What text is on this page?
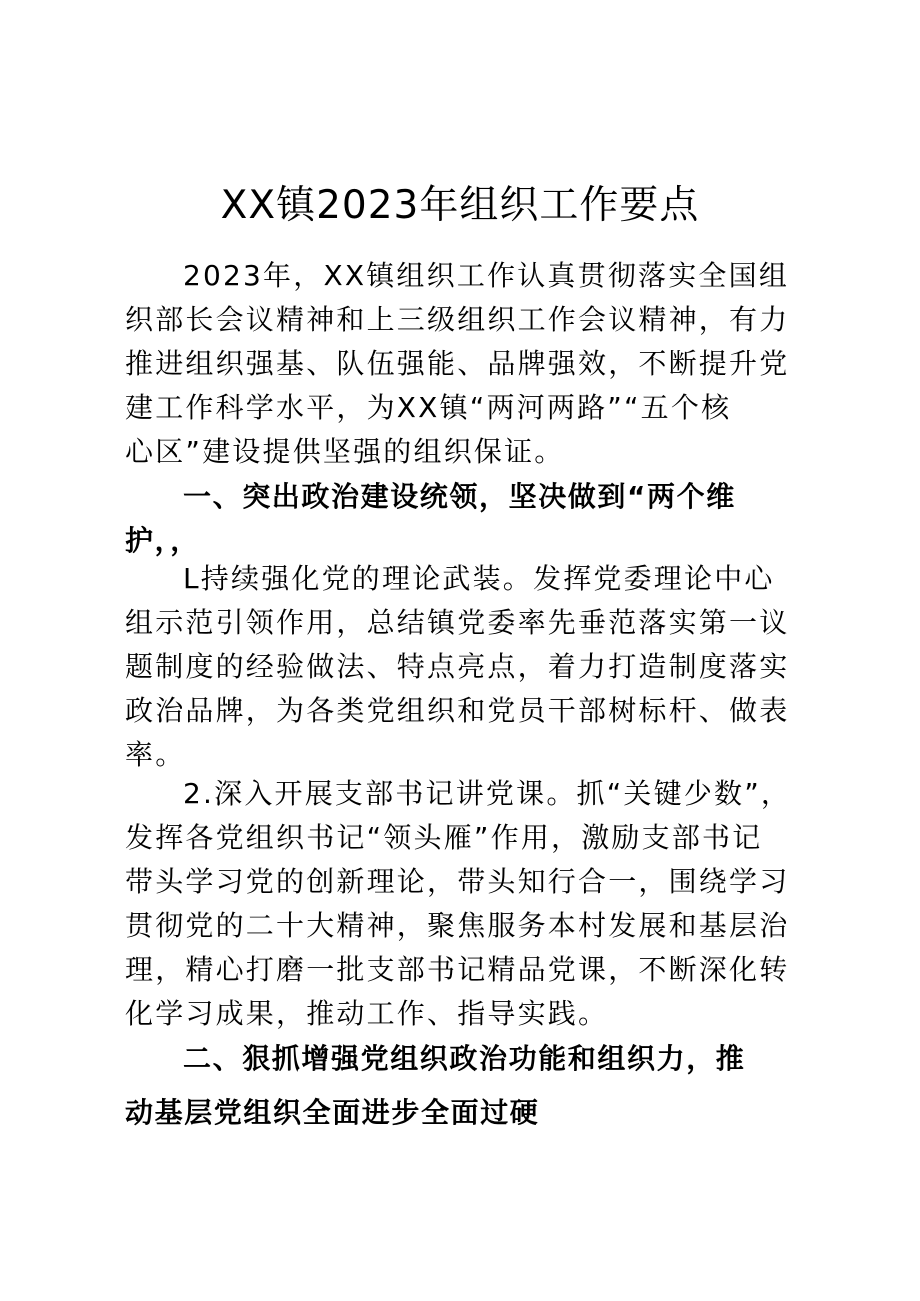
XX镇2023年组织工作要点
2023年，XX镇组织工作认真贯彻落实全国组
织部长会议精神和上三级组织工作会议精神，有力
推进组织强基、队伍强能、品牌强效，不断提升党
建工作科学水平，为XX镇“两河两路”“五个核
心区”建设提供坚强的组织保证。
一、突出政治建设统领，坚决做到“两个维
护，，
L持续强化党的理论武装。发挥党委理论中心
组示范引领作用，总结镇党委率先垂范落实第一议
题制度的经验做法、特点亮点，着力打造制度落实
政治品牌，为各类党组织和党员干部树标杆、做表
率。
2.深入开展支部书记讲党课。抓“关键少数”，
发挥各党组织书记“领头雁”作用，激励支部书记
带头学习党的创新理论，带头知行合一，围绕学习
贯彻党的二十大精神，聚焦服务本村发展和基层治
理，精心打磨一批支部书记精品党课，不断深化转
化学习成果，推动工作、指导实践。
二、狠抓增强党组织政治功能和组织力，推
动基层党组织全面进步全面过硬
